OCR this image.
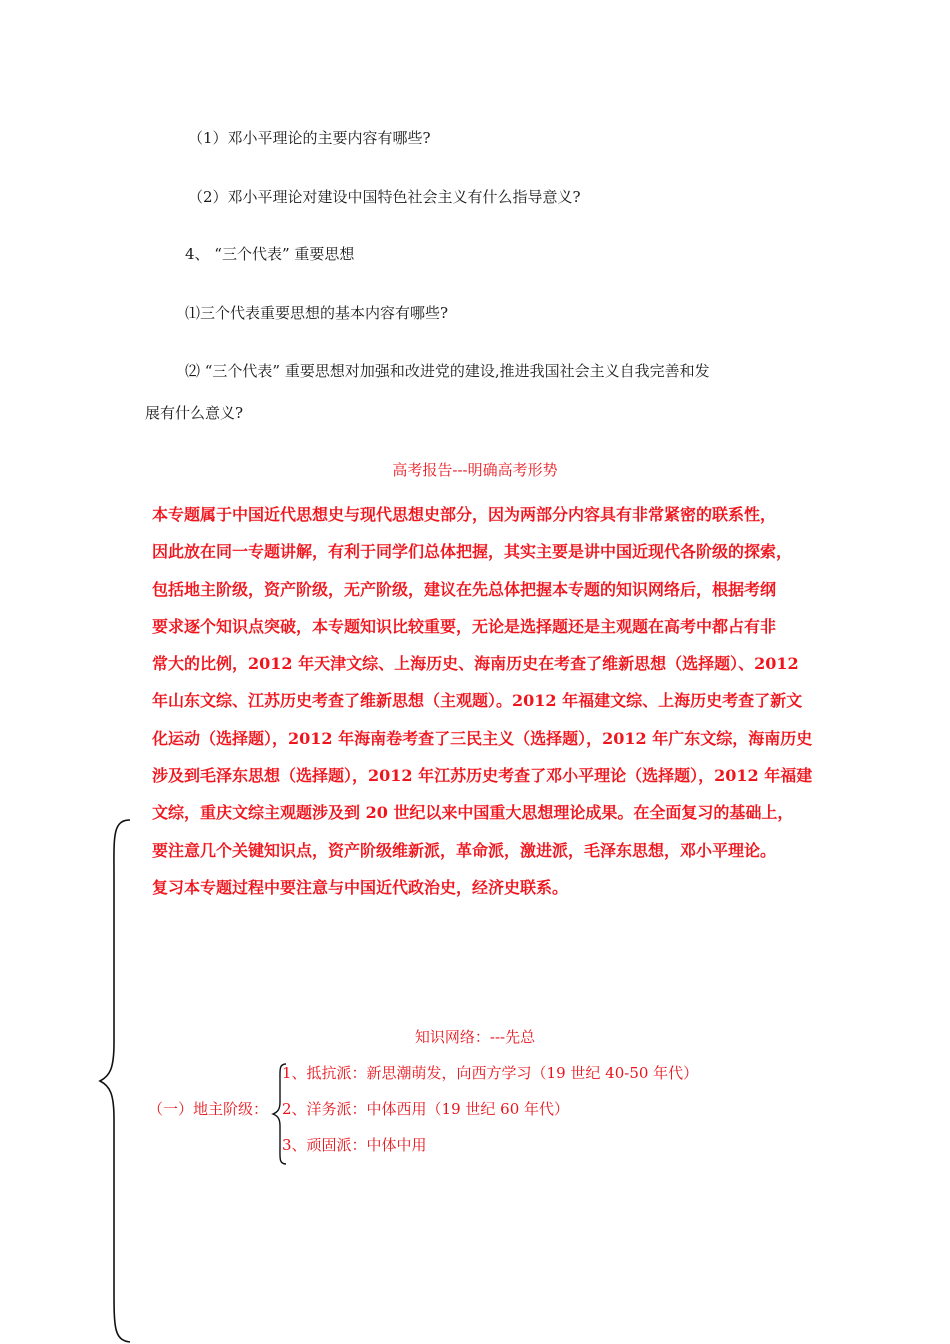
（1）邓小平理论的主要内容有哪些?
（2）邓小平理论对建设中国特色社会主义有什么指导意义?
4、 “三个代表” 重要思想
⑴三个代表重要思想的基本内容有哪些?
⑵ “三个代表” 重要思想对加强和改进党的建设,推进我国社会主义自我完善和发
展有什么意义?
高考报告---明确高考形势

本专题属于中国近代思想史与现代思想史部分，因为两部分内容具有非常紧密的联系性，

因此放在同一专题讲解，有利于同学们总体把握，其实主要是讲中国近现代各阶级的探索，

包括地主阶级，资产阶级，无产阶级，建议在先总体把握本专题的知识网络后，根据考纲

要求逐个知识点突破，本专题知识比较重要，无论是选择题还是主观题在高考中都占有非

常大的比例，2012 年天津文综、上海历史、海南历史在考查了维新思想（选择题）、2012

年山东文综、江苏历史考查了维新思想（主观题）。2012 年福建文综、上海历史考查了新文

化运动（选择题），2012 年海南卷考查了三民主义（选择题），2012 年广东文综，海南历史

涉及到毛泽东思想（选择题），2012 年江苏历史考查了邓小平理论（选择题），2012 年福建

文综，重庆文综主观题涉及到 20 世纪以来中国重大思想理论成果。在全面复习的基础上，

要注意几个关键知识点，资产阶级维新派，革命派，激进派，毛泽东思想，邓小平理论。

复习本专题过程中要注意与中国近代政治史，经济史联系。

知识网络：---先总
（一）地主阶级：
1、抵抗派：新思潮萌发，向西方学习（19 世纪 40-50 年代）
2、洋务派：中体西用（19 世纪 60 年代）
3、顽固派：中体中用
